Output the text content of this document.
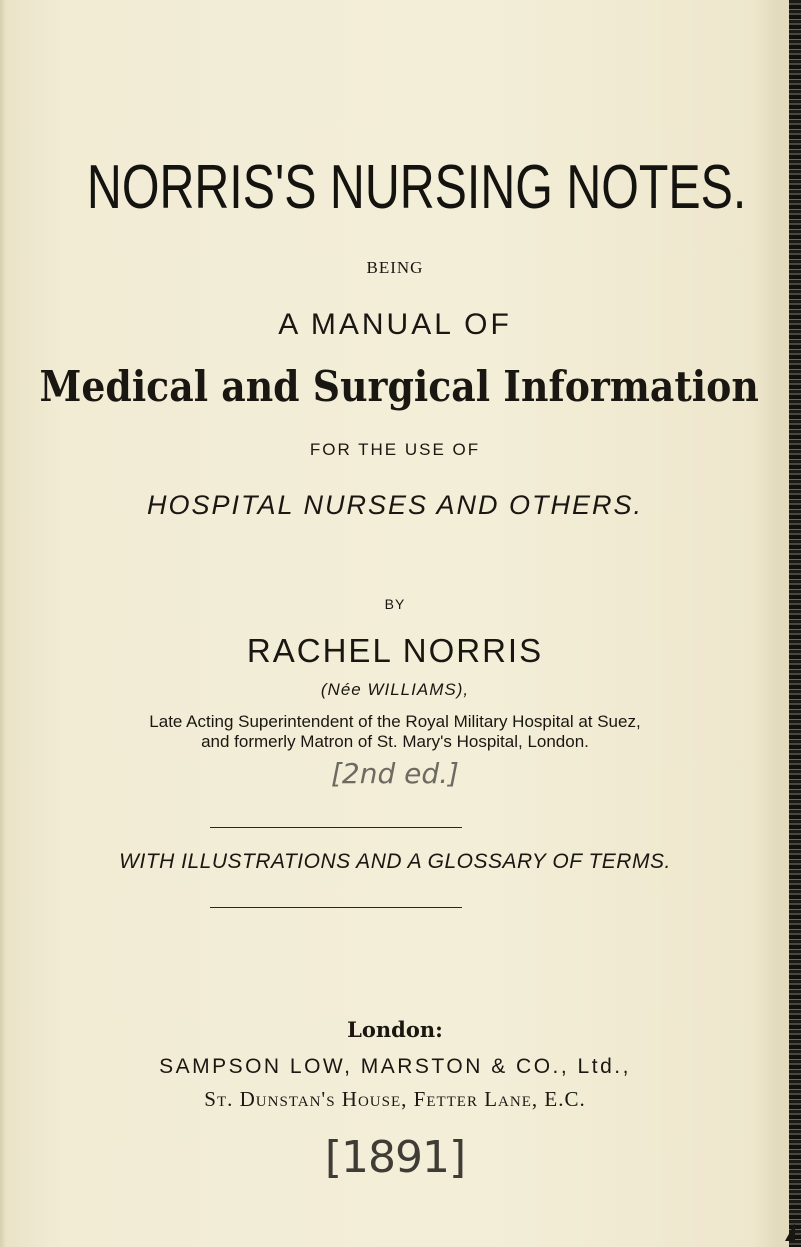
NORRIS'S NURSING NOTES.
BEING
A MANUAL OF
Medical and Surgical Information
FOR THE USE OF
HOSPITAL NURSES AND OTHERS.
BY
RACHEL NORRIS
(Née WILLIAMS),
Late Acting Superintendent of the Royal Military Hospital at Suez,
and formerly Matron of St. Mary's Hospital, London.
[2nd ed.]
WITH ILLUSTRATIONS AND A GLOSSARY OF TERMS.
London:
SAMPSON LOW, MARSTON & CO., Ltd.,
St. Dunstan's House, Fetter Lane, E.C.
[1891]
